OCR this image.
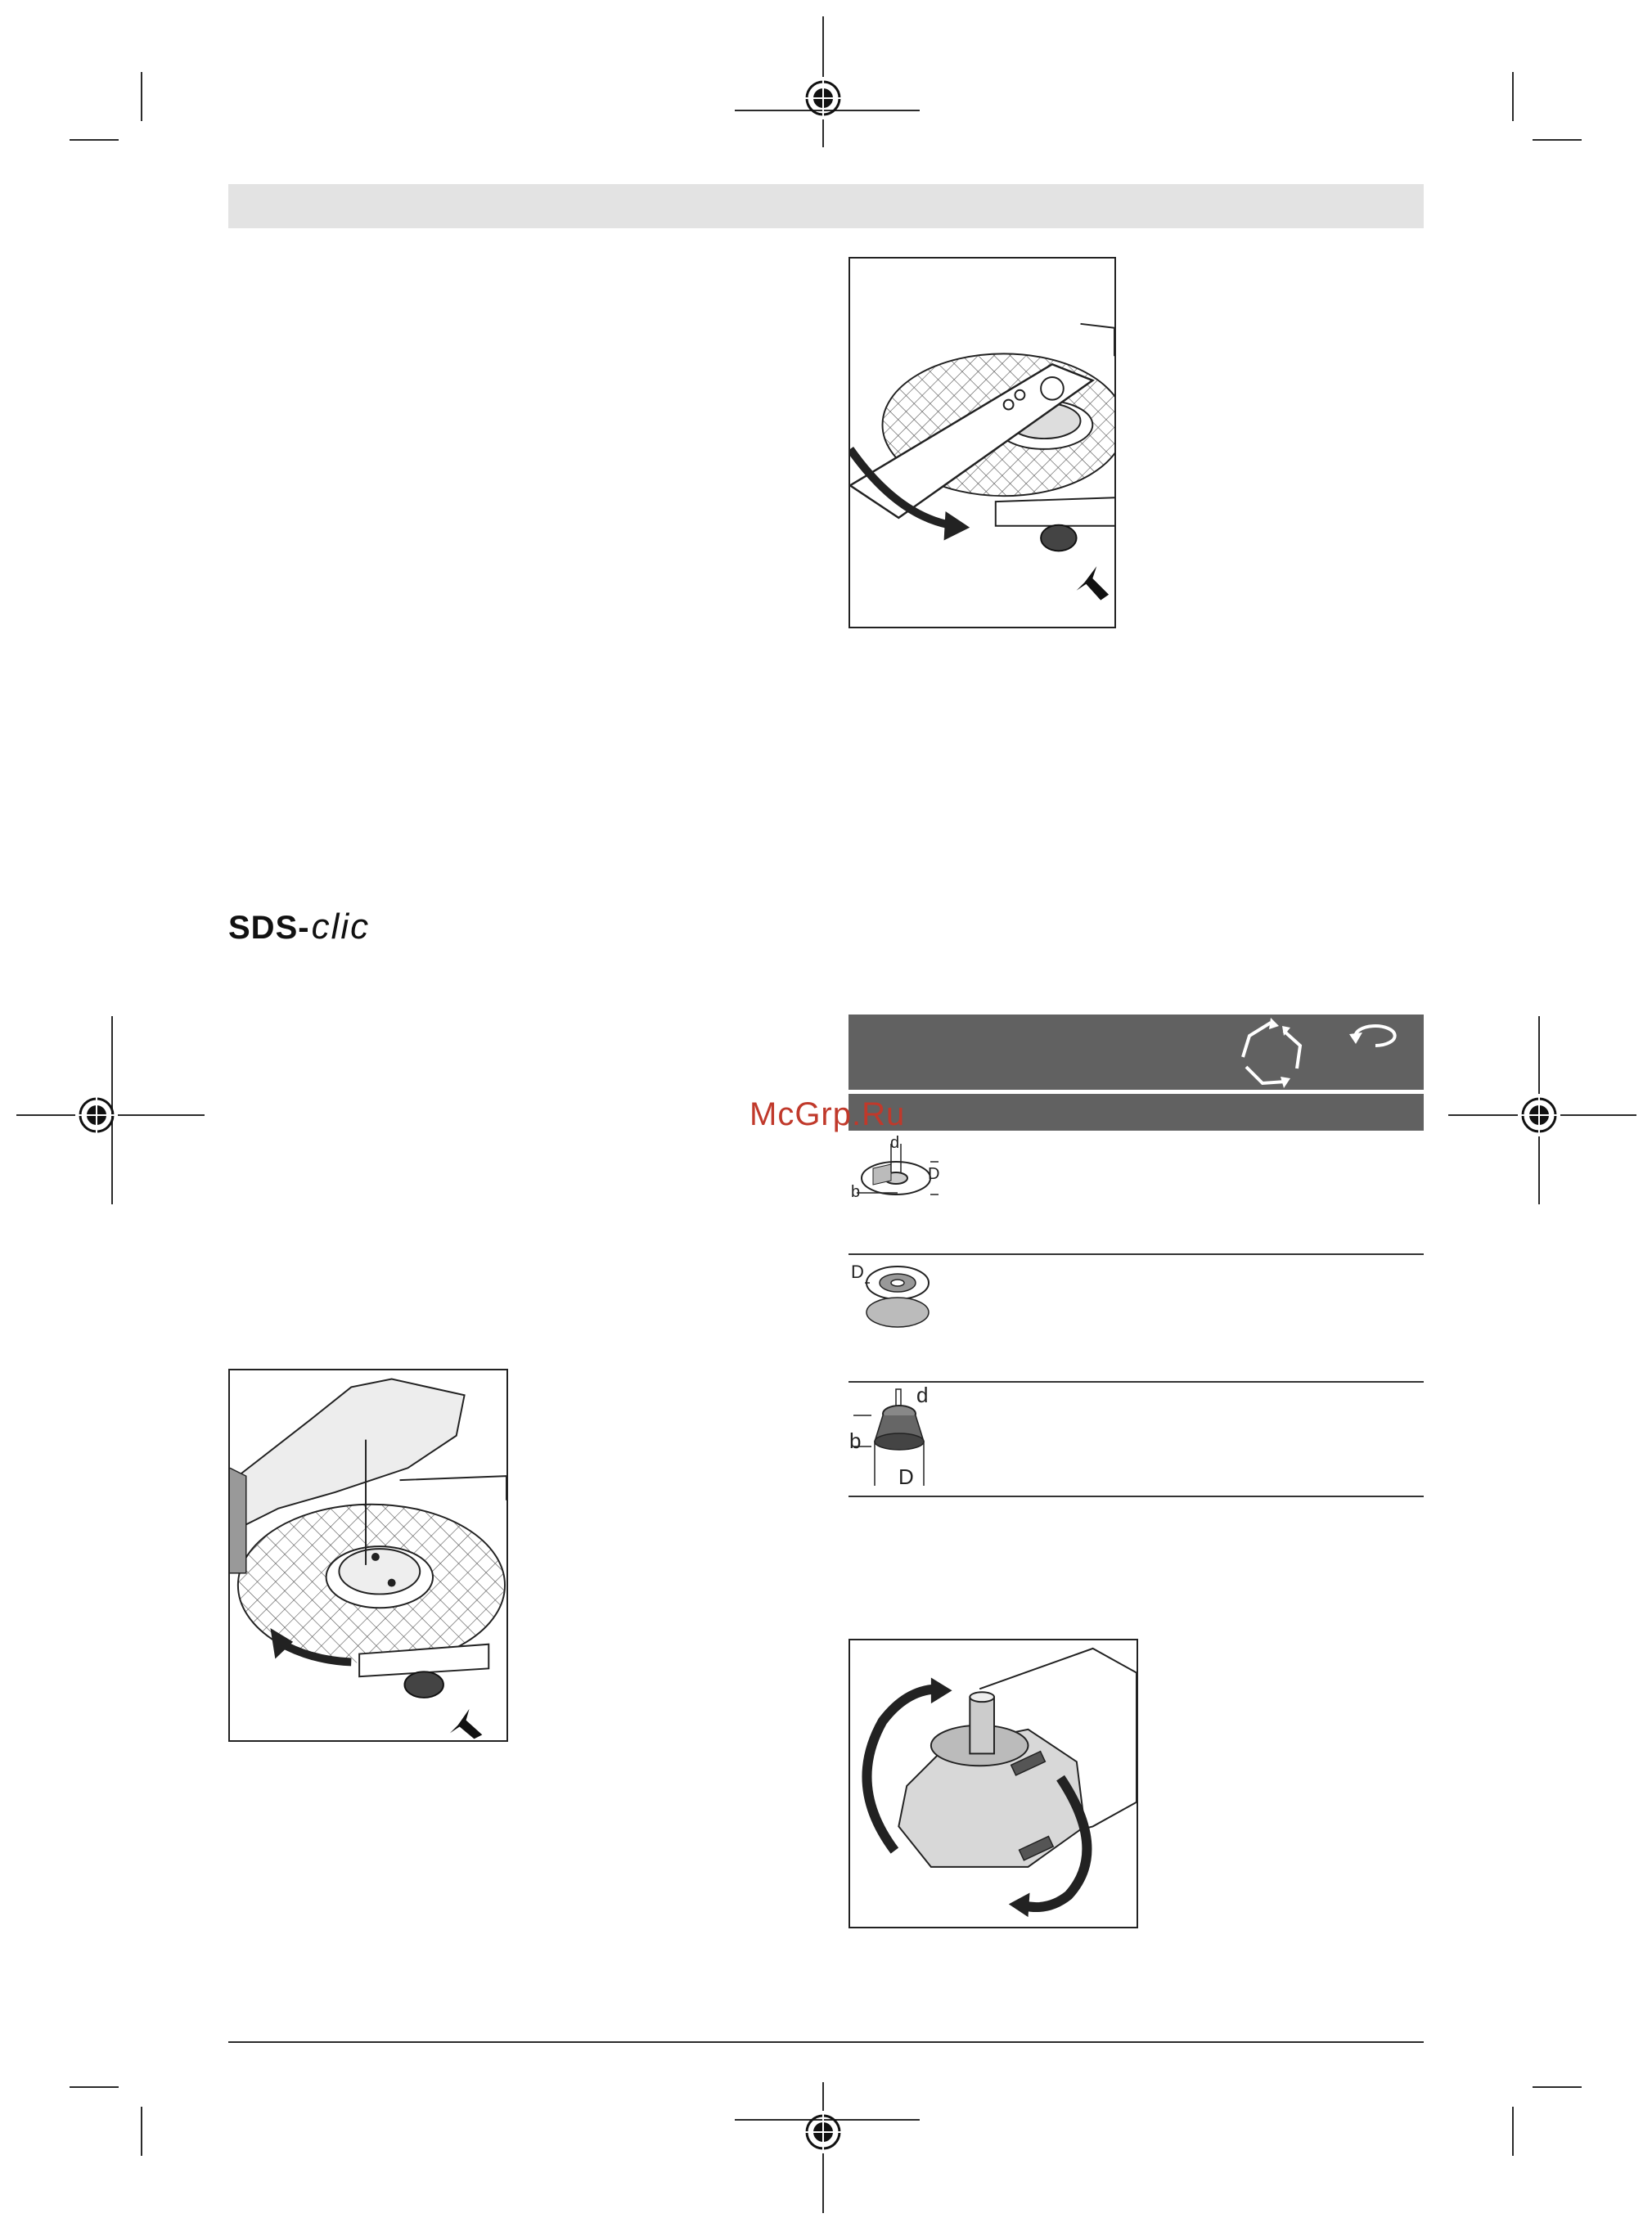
SDS-clic
McGrp.Ru
d
D
b
D
d
b
D
